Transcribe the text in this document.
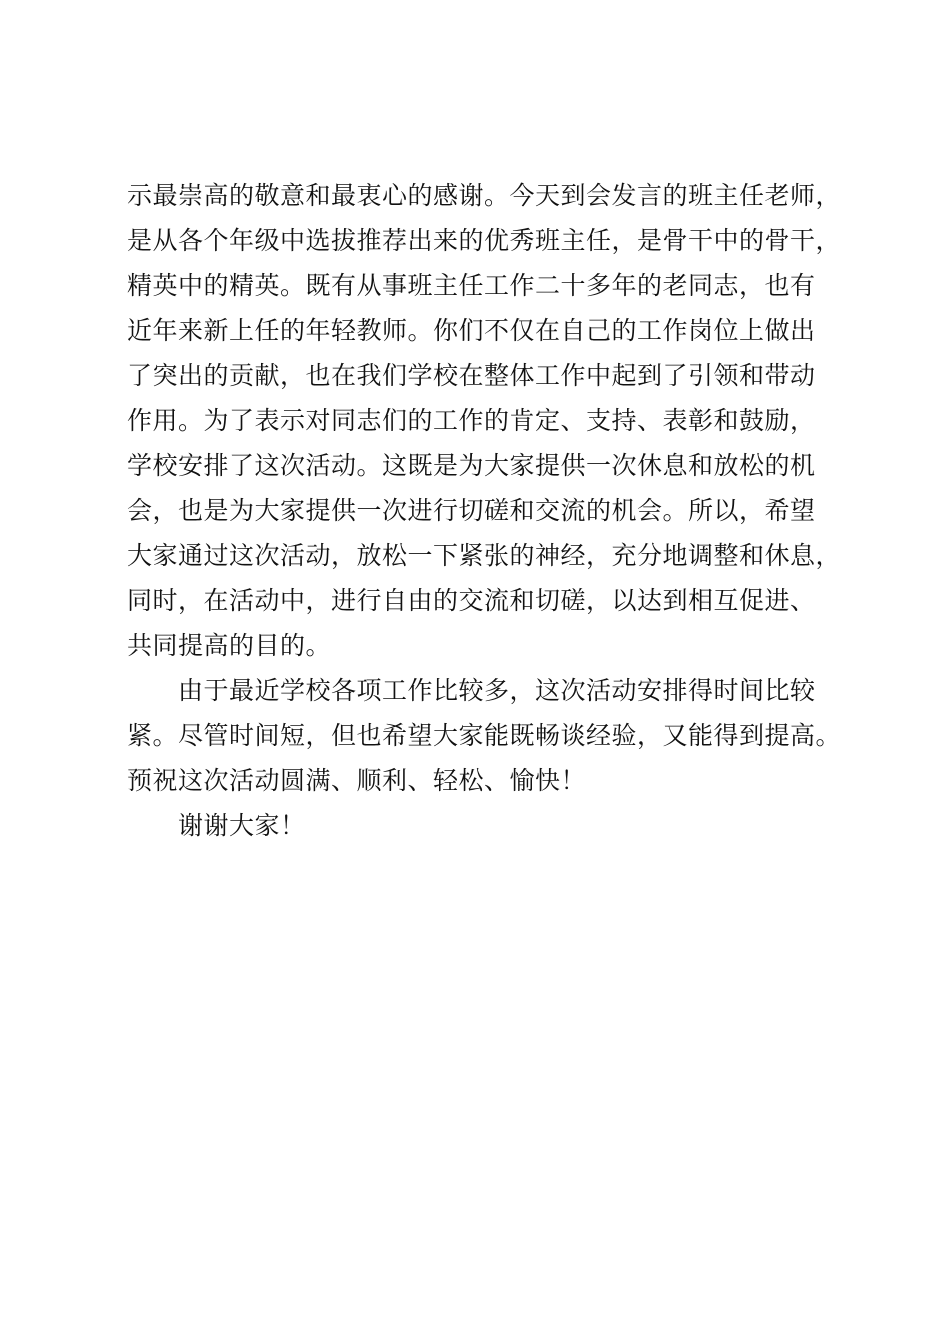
示最崇高的敬意和最衷心的感谢。今天到会发言的班主任老师，
是从各个年级中选拔推荐出来的优秀班主任，是骨干中的骨干，
精英中的精英。既有从事班主任工作二十多年的老同志，也有
近年来新上任的年轻教师。你们不仅在自己的工作岗位上做出
了突出的贡献，也在我们学校在整体工作中起到了引领和带动
作用。为了表示对同志们的工作的肯定、支持、表彰和鼓励，
学校安排了这次活动。这既是为大家提供一次休息和放松的机
会，也是为大家提供一次进行切磋和交流的机会。所以，希望
大家通过这次活动，放松一下紧张的神经，充分地调整和休息，
同时，在活动中，进行自由的交流和切磋，以达到相互促进、
共同提高的目的。
由于最近学校各项工作比较多，这次活动安排得时间比较
紧。尽管时间短，但也希望大家能既畅谈经验，又能得到提高。
预祝这次活动圆满、顺利、轻松、愉快！
谢谢大家！
